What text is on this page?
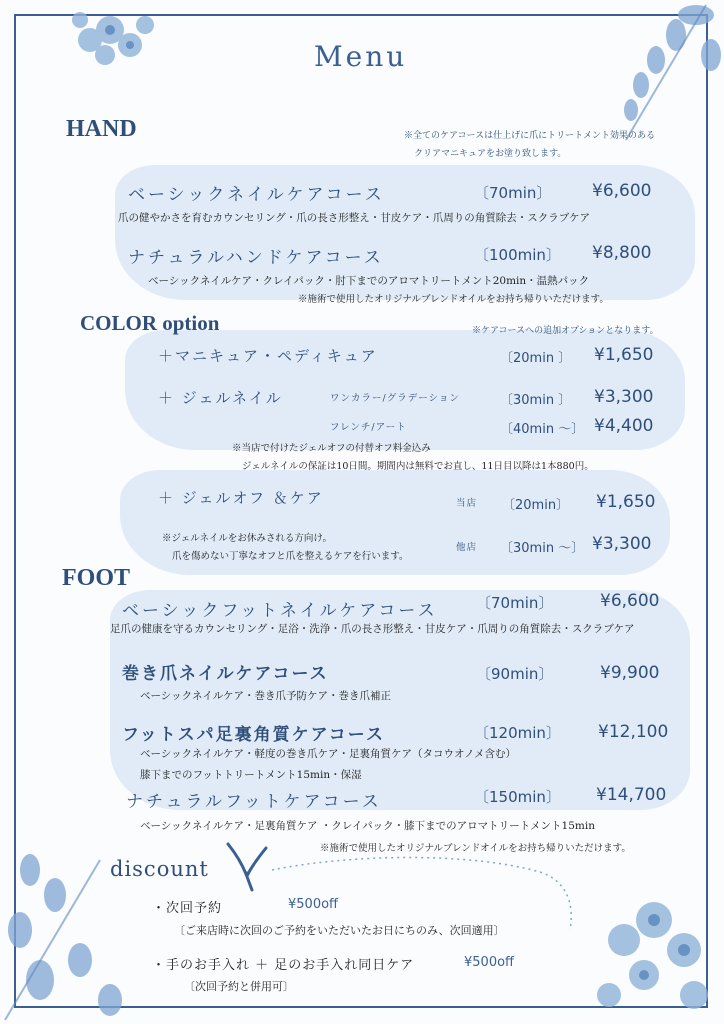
Menu
HAND	※全てのケアコースは仕上げに爪にトリートメント効果のある
クリアマニキュアをお塗り致します。
ベーシックネイルケアコース	〔70min〕 ¥6,600
爪の健やかさを育むカウンセリング・爪の長さ形整え・甘皮ケア・爪周りの角質除去・スクラブケア
ナチュラルハンドケアコース	〔100min〕 ¥8,800
ベーシックネイルケア・クレイパック・肘下までのアロマトリートメント20min・温熱パック
※施術で使用したオリジナルブレンドオイルをお持ち帰りいただけます。
COLOR option	※ケアコースへの追加オプションとなります。
＋マニキュア・ペディキュア	〔20min 〕 ¥1,650
＋ ジェルネイル	ワンカラー/グラデーション	〔30min 〕 ¥3,300
フレンチ/アート	〔40min 〜〕 ¥4,400
※当店で付けたジェルオフの付替オフ料金込み
ジェルネイルの保証は10日間。期間内は無料でお直し、11日目以降は1本880円。
＋ ジェルオフ ＆ケア	当店 〔20min〕 ¥1,650
※ジェルネイルをお休みされる方向け。
爪を傷めない丁寧なオフと爪を整えるケアを行います。
他店 〔30min 〜〕 ¥3,300
FOOT
ベーシックフットネイルケアコース	〔70min〕	¥6,600
足爪の健康を守るカウンセリング・足浴・洗浄・爪の長さ形整え・甘皮ケア・爪周りの角質除去・スクラブケア
巻き爪ネイルケアコース	〔90min〕	¥9,900
ベーシックネイルケア・巻き爪予防ケア・巻き爪補正
フットスパ足裏角質ケアコース	〔120min〕 ¥12,100
ベーシックネイルケア・軽度の巻き爪ケア・足裏角質ケア（タコウオノメ含む）
膝下までのフットトリートメント15min・保湿
ナチュラルフットケアコース	〔150min〕 ¥14,700
ベーシックネイルケア・足裏角質ケア ・クレイパック・膝下までのアロマトリートメント15min
※施術で使用したオリジナルブレンドオイルをお持ち帰りいただけます。
discount
・次回予約	¥500off
〔ご来店時に次回のご予約をいただいたお日にちのみ、次回適用〕
・手のお手入れ ＋ 足のお手入れ同日ケア	¥500off
〔次回予約と併用可〕
